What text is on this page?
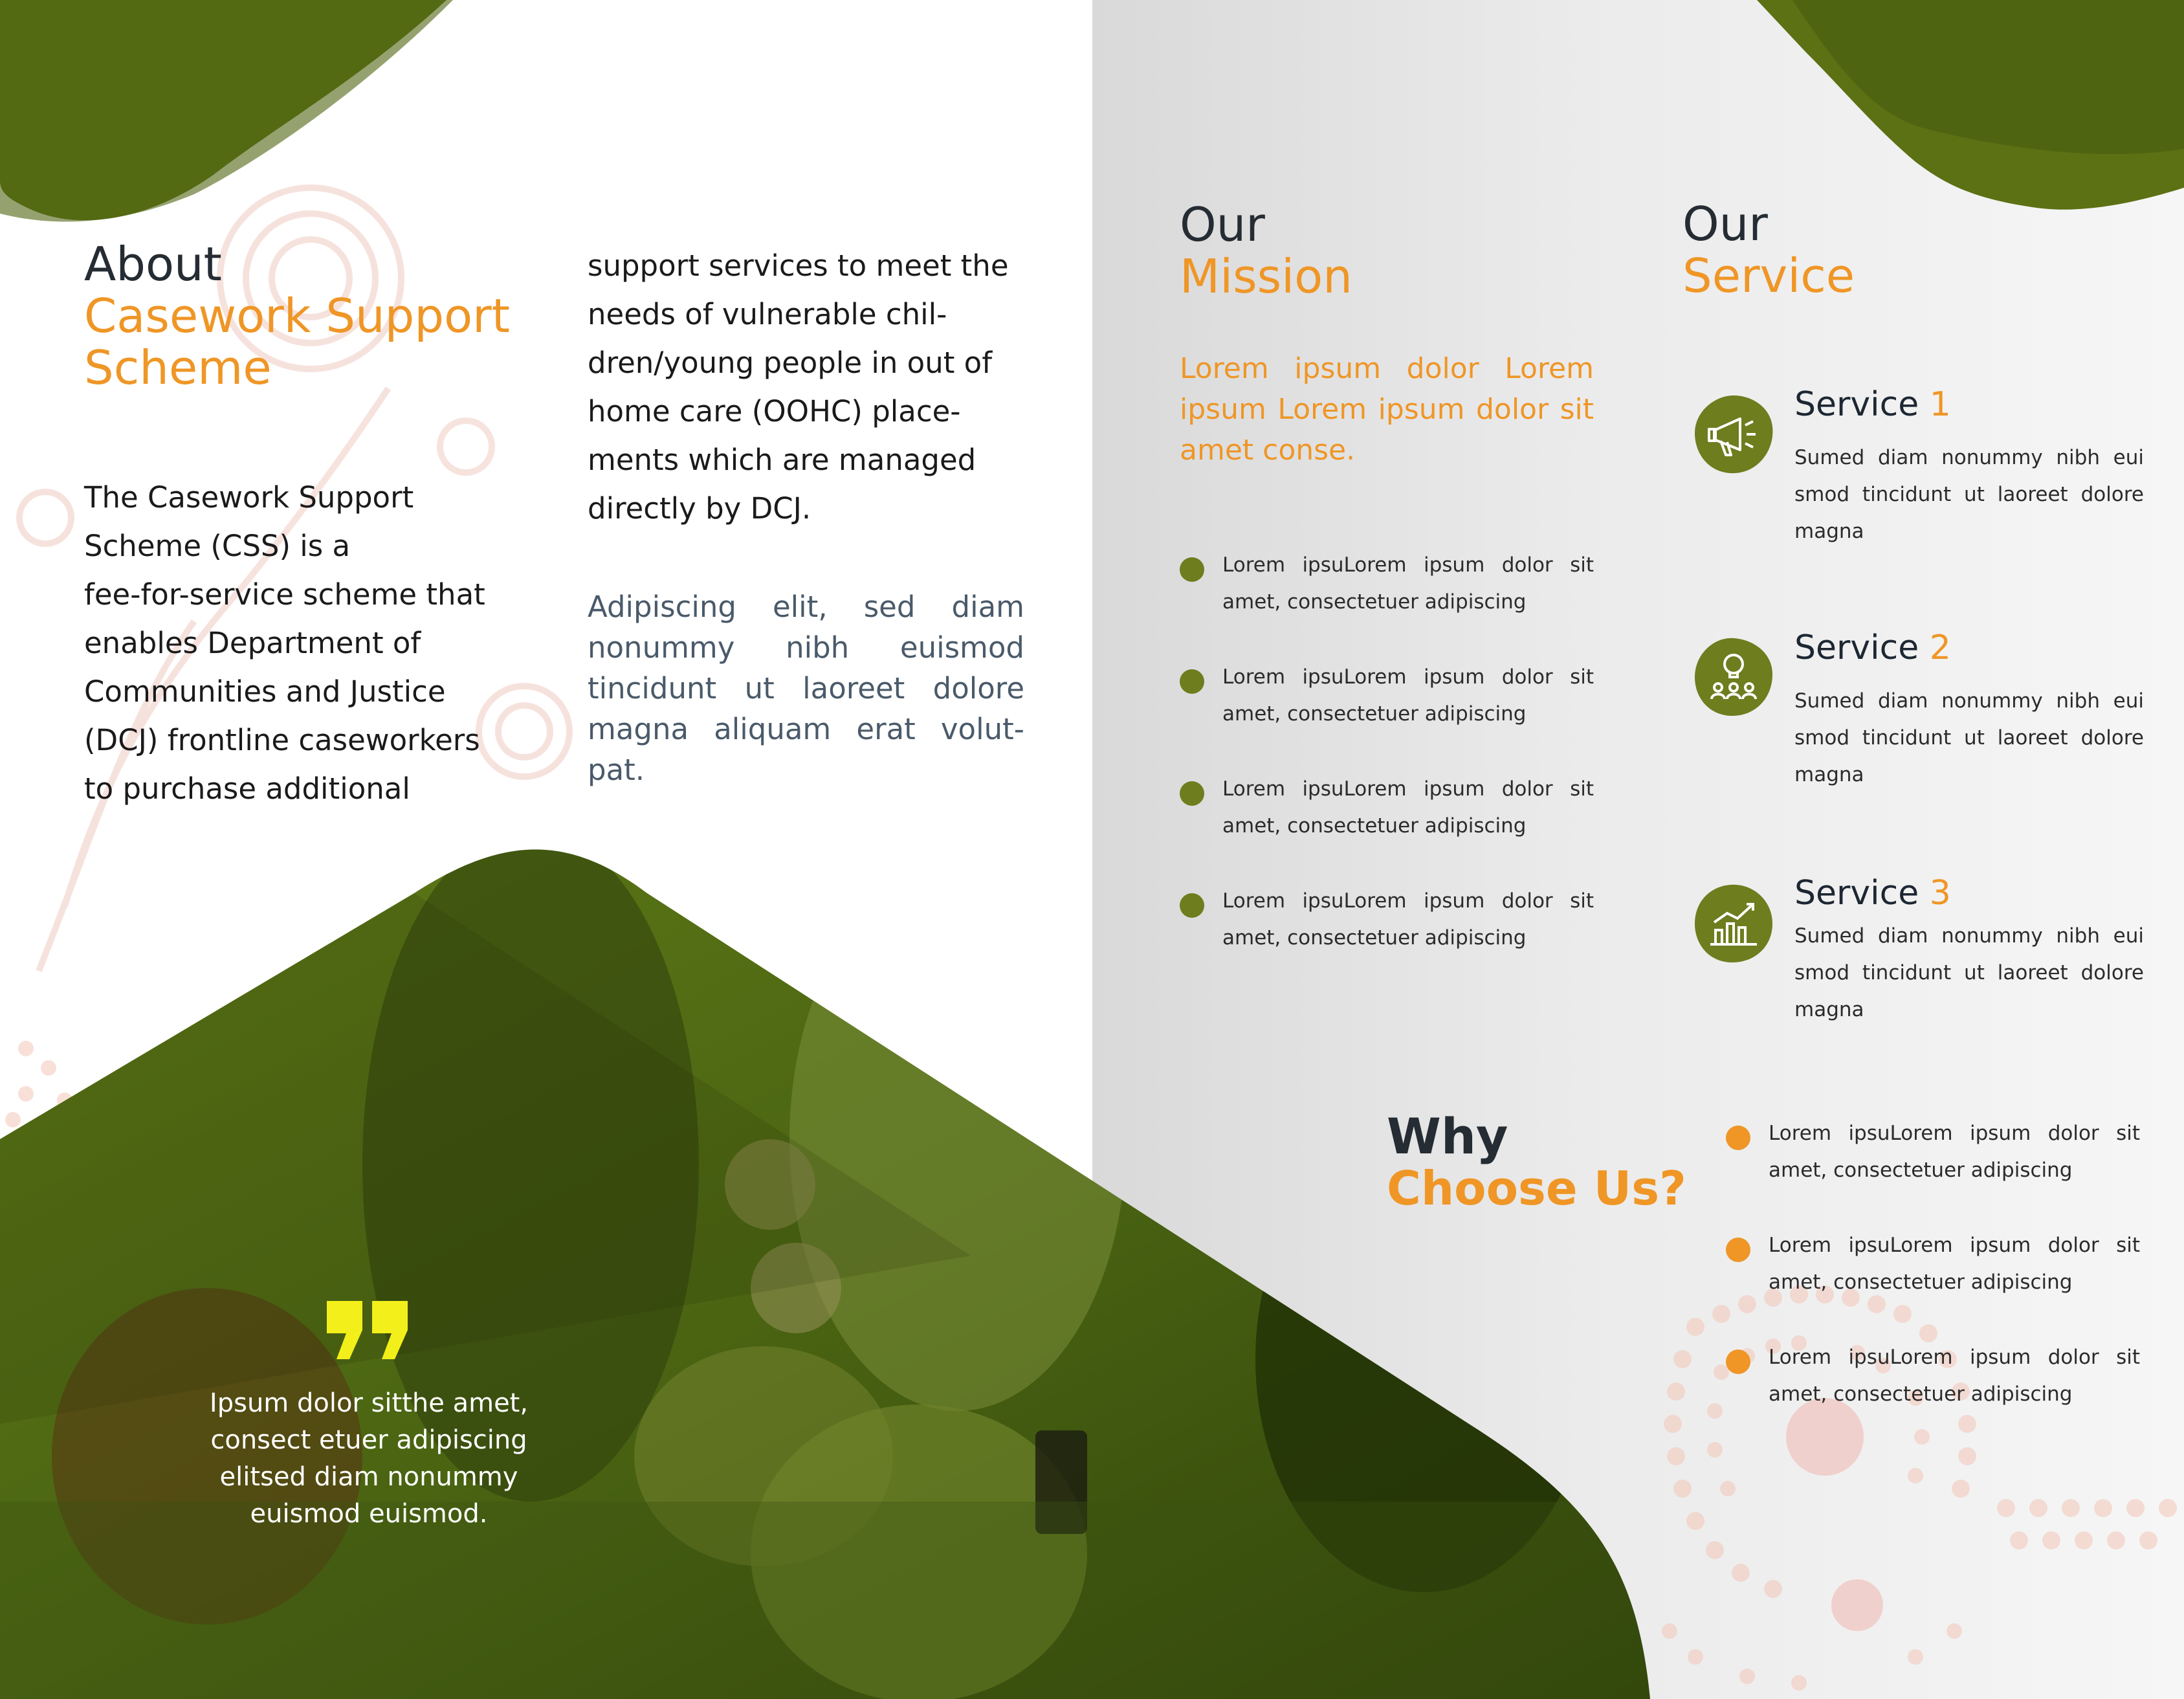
About
Casework Support
Scheme
The Casework Support
Scheme (CSS) is a
fee-for-service scheme that
enables Department of
Communities and Justice
(DCJ) frontline caseworkers
to purchase additional
support services to meet the
needs of vulnerable chil-
dren/young people in out of
home care (OOHC) place-
ments which are managed
directly by DCJ.
Adipiscing elit, sed diam nonummy nibh euismod tincidunt ut laoreet dolore magna aliquam erat volut-pat.
Ipsum dolor sitthe amet,
consect etuer adipiscing
elitsed diam nonummy
euismod euismod.
Our
Mission
Lorem ipsum dolor Lorem ipsum Lorem ipsum dolor sit amet conse.
Lorem ipsuLorem ipsum dolor sit amet, consectetuer adipiscing
Lorem ipsuLorem ipsum dolor sit amet, consectetuer adipiscing
Lorem ipsuLorem ipsum dolor sit amet, consectetuer adipiscing
Lorem ipsuLorem ipsum dolor sit amet, consectetuer adipiscing
Our
Service
Service 1
Sumed diam nonummy nibh eui smod tincidunt ut laoreet dolore magna
Service 2
Sumed diam nonummy nibh eui smod tincidunt ut laoreet dolore magna
Service 3
Sumed diam nonummy nibh eui smod tincidunt ut laoreet dolore magna
Why
Choose Us?
Lorem ipsuLorem ipsum dolor sit amet, consectetuer adipiscing
Lorem ipsuLorem ipsum dolor sit amet, consectetuer adipiscing
Lorem ipsuLorem ipsum dolor sit amet, consectetuer adipiscing
